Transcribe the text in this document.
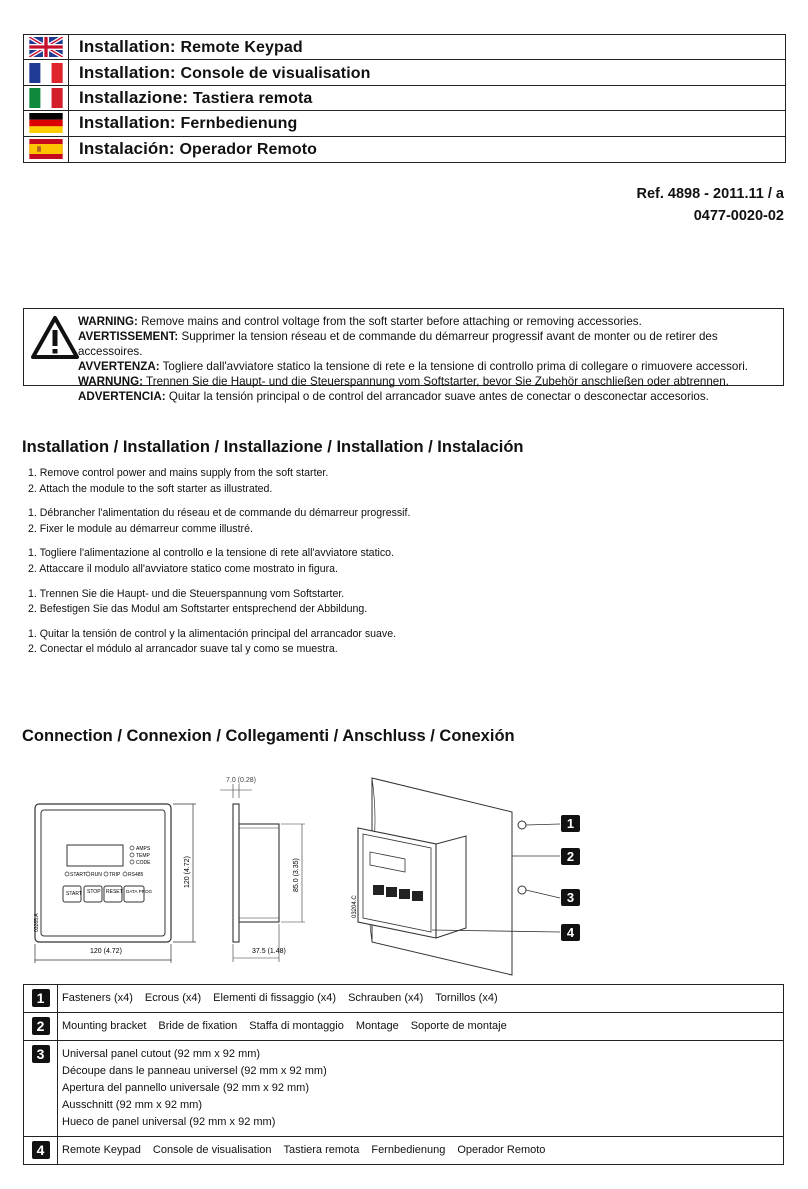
Installation: Remote Keypad
Installation: Console de visualisation
Installazione: Tastiera remota
Installation: Fernbedienung
Instalación: Operador Remoto
Ref. 4898 - 2011.11 / a
0477-0020-02
WARNING: Remove mains and control voltage from the soft starter before attaching or removing accessories.
AVERTISSEMENT: Supprimer la tension réseau et de commande du démarreur progressif avant de monter ou de retirer des accessoires.
AVVERTENZA: Togliere dall'avviatore statico la tensione di rete e la tensione di controllo prima di collegare o rimuovere accessori.
WARNUNG: Trennen Sie die Haupt- und die Steuerspannung vom Softstarter, bevor Sie Zubehör anschließen oder abtrennen.
ADVERTENCIA: Quitar la tensión principal o de control del arrancador suave antes de conectar o desconectar accesorios.
Installation / Installation / Installazione / Installation / Instalación
1. Remove control power and mains supply from the soft starter.
2. Attach the module to the soft starter as illustrated.
1. Débrancher l'alimentation du réseau et de commande du démarreur progressif.
2. Fixer le module au démarreur comme illustré.
1. Togliere l'alimentazione al controllo e la tensione di rete all'avviatore statico.
2. Attaccare il modulo all'avviatore statico come mostrato in figura.
1. Trennen Sie die Haupt- und die Steuerspannung vom Softstarter.
2. Befestigen Sie das Modul am Softstarter entsprechend der Abbildung.
1. Quitar la tensión de control y la alimentación principal del arrancador suave.
2. Conectar el módulo al arrancador suave tal y como se muestra.
Connection / Connexion / Collegamenti / Anschluss / Conexión
AMPS
TEMP
CODE
START RUN TRIP RS485
START STOP RESET DATA PROG
03265.A
120 (4.72)
120 (4.72)
7.0 (0.28)
85.0 (3.35)
37.5 (1.48)
03204.C
1
2
3
4
1	Fasteners (x4) Ecrous (x4) Elementi di fissaggio (x4) Schrauben (x4) Tornillos (x4)
2	Mounting bracket Bride de fixation Staffa di montaggio Montage Soporte de montaje
3	Universal panel cutout (92 mm x 92 mm)
Découpe dans le panneau universel (92 mm x 92 mm)
Apertura del pannello universale (92 mm x 92 mm)
Ausschnitt (92 mm x 92 mm)
Hueco de panel universal (92 mm x 92 mm)
4	Remote Keypad Console de visualisation Tastiera remota Fernbedienung Operador Remoto
